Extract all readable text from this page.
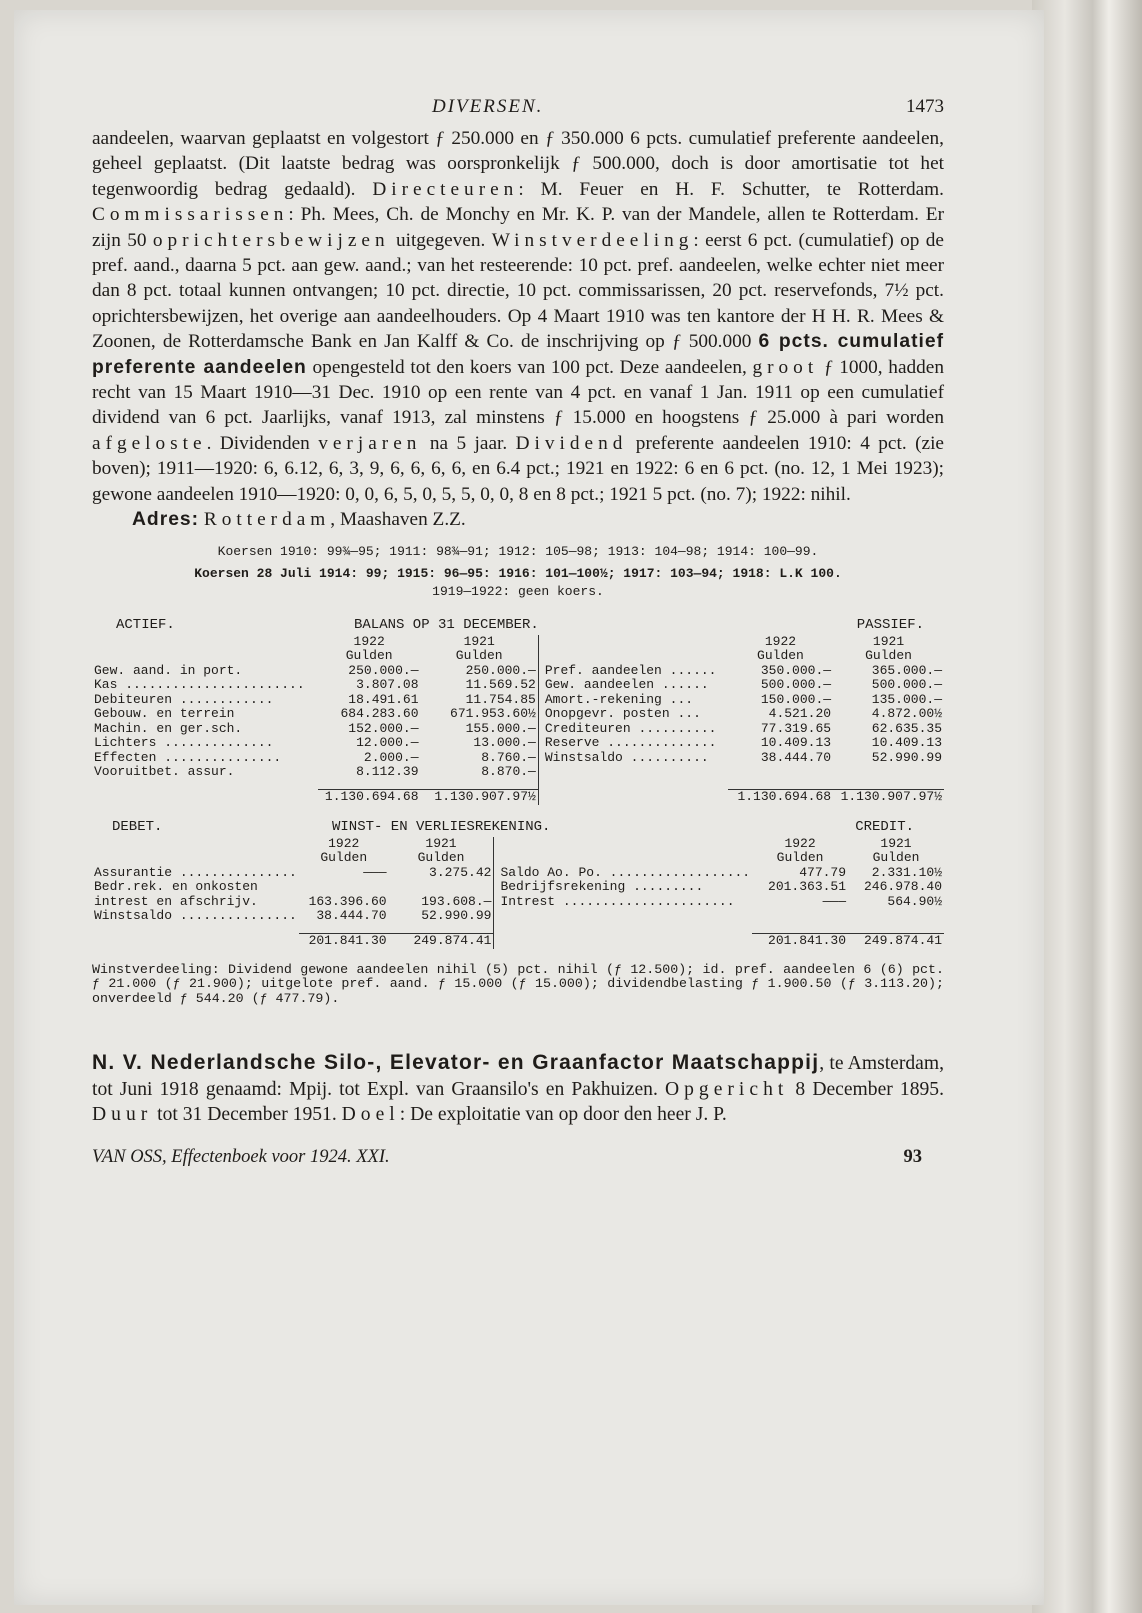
DIVERSEN.	1473

aandeelen, waarvan geplaatst en volgestort ƒ 250.000 en ƒ 350.000 6 pcts. cumulatief preferente aandeelen, geheel geplaatst. (Dit laatste bedrag was oorspronkelijk ƒ 500.000, doch is door amortisatie tot het tegenwoordig bedrag gedaald). Directeuren: M. Feuer en H. F. Schutter, te Rotterdam. Commissarissen: Ph. Mees, Ch. de Monchy en Mr. K. P. van der Mandele, allen te Rotterdam. Er zijn 50 oprichtersbewijzen uitgegeven. Winstverdeeling: eerst 6 pct. (cumulatief) op de pref. aand., daarna 5 pct. aan gew. aand.; van het resteerende: 10 pct. pref. aandeelen, welke echter niet meer dan 8 pct. totaal kunnen ontvangen; 10 pct. directie, 10 pct. commissarissen, 20 pct. reservefonds, 7½ pct. oprichtersbewijzen, het overige aan aandeelhouders. Op 4 Maart 1910 was ten kantore der H H. R. Mees & Zoonen, de Rotterdamsche Bank en Jan Kalff & Co. de inschrijving op ƒ 500.000 6 pcts. cumulatief preferente aandeelen opengesteld tot den koers van 100 pct. Deze aandeelen, groot ƒ 1000, hadden recht van 15 Maart 1910—31 Dec. 1910 op een rente van 4 pct. en vanaf 1 Jan. 1911 op een cumulatief dividend van 6 pct. Jaarlijks, vanaf 1913, zal minstens ƒ 15.000 en hoogstens ƒ 25.000 à pari worden afgeloste. Dividenden verjaren na 5 jaar. Dividend preferente aandeelen 1910: 4 pct. (zie boven); 1911—1920: 6, 6.12, 6, 3, 9, 6, 6, 6, 6, en 6.4 pct.; 1921 en 1922: 6 en 6 pct. (no. 12, 1 Mei 1923); gewone aandeelen 1910—1920: 0, 0, 6, 5, 0, 5, 5, 0, 0, 8 en 8 pct.; 1921 5 pct. (no. 7); 1922: nihil.

Adres: Rotterdam, Maashaven Z.Z.

Koersen 1910: 99¾—95; 1911: 98¾—91; 1912: 105—98; 1913: 104—98; 1914: 100—99.
Koersen 28 Juli 1914: 99; 1915: 96—95: 1916: 101—100½; 1917: 103—94; 1918: L.K 100.
1919—1922: geen koers.
ACTIEF.	BALANS OP 31 DECEMBER.	PASSIEF.
	1922	1921		1922	1921
	Gulden	Gulden		Gulden	Gulden
Gew. aand. in port.	250.000.—	250.000.—	Pref. aandeelen ......	350.000.—	365.000.—
Kas .......................	3.807.08	11.569.52	Gew. aandeelen ......	500.000.—	500.000.—
Debiteuren ............	18.491.61	11.754.85	Amort.-rekening ...	150.000.—	135.000.—
Gebouw. en terrein	684.283.60	671.953.60½	Onopgevr. posten ...	4.521.20	4.872.00½
Machin. en ger.sch.	152.000.—	155.000.—	Crediteuren ..........	77.319.65	62.635.35
Lichters ..............	12.000.—	13.000.—	Reserve ..............	10.409.13	10.409.13
Effecten ...............	2.000.—	8.760.—	Winstsaldo ..........	38.444.70	52.990.99
Vooruitbet. assur.	8.112.39	8.870.—			

	1.130.694.68	1.130.907.97½		1.130.694.68	1.130.907.97½
DEBET.	WINST- EN VERLIESREKENING.	CREDIT.
	1922	1921		1922	1921
	Gulden	Gulden		Gulden	Gulden
Assurantie ...............	———	3.275.42	Saldo Ao. Po. ..................	477.79	2.331.10½
Bedr.rek. en onkosten			Bedrijfsrekening .........	201.363.51	246.978.40
intrest en afschrijv.	163.396.60	193.608.—	Intrest ......................	———	564.90½
Winstsaldo ...............	38.444.70	52.990.99			

	201.841.30	249.874.41		201.841.30	249.874.41
Winstverdeeling: Dividend gewone aandeelen nihil (5) pct. nihil (ƒ 12.500); id. pref. aandeelen 6 (6) pct. ƒ 21.000 (ƒ 21.900); uitgelote pref. aand. ƒ 15.000 (ƒ 15.000); dividendbelasting ƒ 1.900.50 (ƒ 3.113.20); onverdeeld ƒ 544.20 (ƒ 477.79).

N. V. Nederlandsche Silo-, Elevator- en Graanfactor Maatschappij, te Amsterdam, tot Juni 1918 genaamd: Mpij. tot Expl. van Graansilo's en Pakhuizen. Opgericht 8 December 1895. Duur tot 31 December 1951. Doel: De exploitatie van op door den heer J. P.

VAN OSS, Effectenboek voor 1924. XXI.	93
